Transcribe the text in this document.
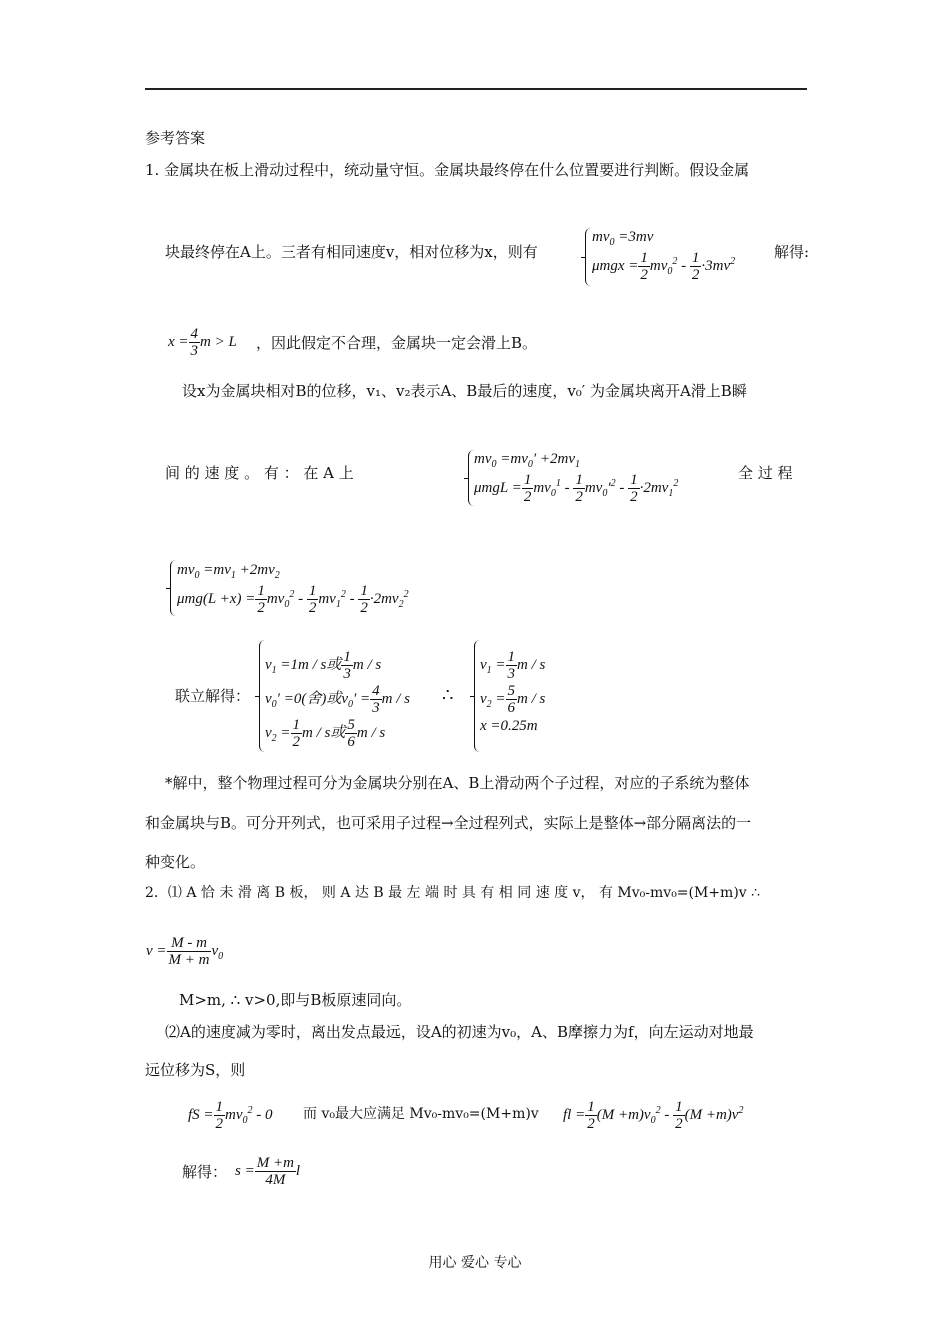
参考答案
1. 金属块在板上滑动过程中，统动量守恒。金属块最终停在什么位置要进行判断。假设金属
块最终停在A上。三者有相同速度v，相对位移为x，则有
$mv_0 =3mv$
$\mu mgx = \frac{1}{2} mv_0^2 - \frac{1}{2} \cdot 3mv^2$
解得:
$x = \frac{4}{3}$ m > L ，因此假定不合理，金属块一定会滑上B。
设x为金属块相对B的位移，v₁、v₂表示A、B最后的速度，v₀′ 为金属块离开A滑上B瞬
间 的 速 度 。 有 ： 在 A 上
$mv_0 =mv_0' +2mv_1$
$\mu mgL = \frac{1}{2} mv_0^1 - \frac{1}{2} mv_0'^2 - \frac{1}{2} \cdot 2mv_1^2$
全 过 程
$mv_0 =mv_1 +2mv_2$
$\mu mg(L +x) = \frac{1}{2} mv_0^2 - \frac{1}{2} mv_1^2 - \frac{1}{2} \cdot 2mv_2^2$
联立解得：
$v_1 =1m / s$或 $\frac{1}{3}$ m / s
$v_0' =0$(舍)或$v_0' = \frac{4}{3}$ m / s
$v_2 = \frac{1}{2}$ m / s或 $\frac{5}{6}$ m / s
∴
$v_1 = \frac{1}{3}$ m / s
$v_2 = \frac{5}{6}$ m / s
x =0.25m
*解中，整个物理过程可分为金属块分别在A、B上滑动两个子过程，对应的子系统为整体
和金属块与B。可分开列式，也可采用子过程→全过程列式，实际上是整体→部分隔离法的一
种变化。
2．⑴ A 恰 未 滑 离 B 板， 则 A 达 B 最 左 端 时 具 有 相 同 速 度 v， 有 Mv₀-mv₀=(M+m)v ∴
$v = \frac{M - m}{M + m} v_0$
M>m, ∴ v>0,即与B板原速同向。
⑵A的速度减为零时，离出发点最远，设A的初速为v₀，A、B摩擦力为f，向左运动对地最
远位移为S，则
fS = $\frac{1}{2} mv_0^2 - 0$ 而 v₀最大应满足 Mv₀-mv₀=(M+m)v fl = $\frac{1}{2} (M +m)v_0^2 - \frac{1}{2} (M +m)v^2$
解得： $s = \frac{M +m}{4M}$ l
用心 爱心 专心
